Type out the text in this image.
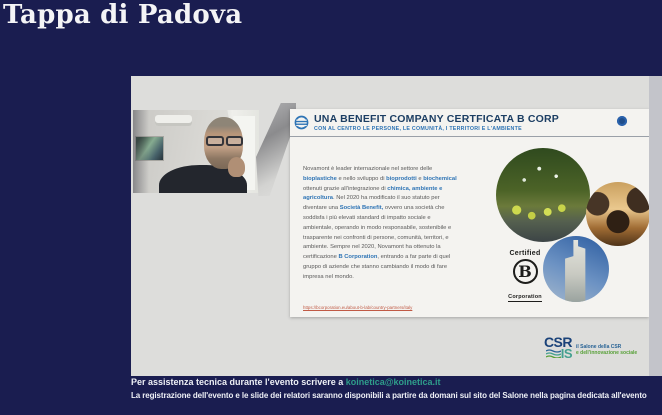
Tappa di Padova
UNA BENEFIT COMPANY CERTFICATA B CORP
CON AL CENTRO LE PERSONE, LE COMUNITÀ, I TERRITORI E L'AMBIENTE

Novamont è leader internazionale nel settore delle bioplastiche e nello sviluppo di bioprodotti e biochemical ottenuti grazie all'integrazione di chimica, ambiente e agricoltura. Nel 2020 ha modificato il suo statuto per diventare una Società Benefit, ovvero una società che soddisfa i più elevati standard di impatto sociale e ambientale, operando in modo responsabile, sostenibile e trasparente nei confronti di persone, comunità, territori, e ambiente. Sempre nel 2020, Novamont ha ottenuto la certificazione B Corporation, entrando a far parte di quel gruppo di aziende che stanno cambiando il modo di fare impresa nel mondo.

https://bcorporation.eu/about-b-lab/country-partners/italy
Certified
B
Corporation
CSR
IS il Salone della CSR
e dell'innovazione sociale
Per assistenza tecnica durante l'evento scrivere a koinetica@koinetica.it
La registrazione dell'evento e le slide dei relatori saranno disponibili a partire da domani sul sito del Salone nella pagina dedicata all'evento
